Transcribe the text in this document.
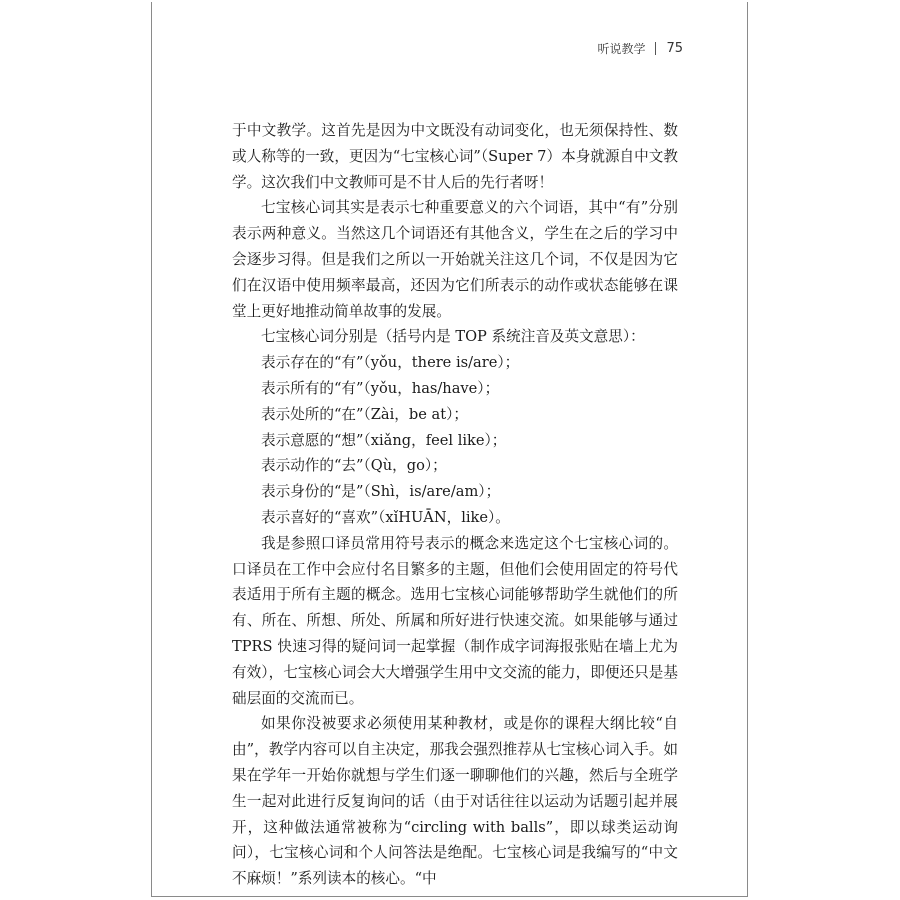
听说教学 75

于中文教学。这首先是因为中文既没有动词变化，也无须保持性、数或人称等的一致，更因为“七宝核心词”（Super 7）本身就源自中文教学。这次我们中文教师可是不甘人后的先行者呀！

七宝核心词其实是表示七种重要意义的六个词语，其中“有”分别表示两种意义。当然这几个词语还有其他含义，学生在之后的学习中会逐步习得。但是我们之所以一开始就关注这几个词，不仅是因为它们在汉语中使用频率最高，还因为它们所表示的动作或状态能够在课堂上更好地推动简单故事的发展。

七宝核心词分别是（括号内是 TOP 系统注音及英文意思）：

表示存在的“有”（yǒu，there is/are）；

表示所有的“有”（yǒu，has/have）；

表示处所的“在”（Zài，be at）；

表示意愿的“想”（xiǎng，feel like）；

表示动作的“去”（Qù，go）；

表示身份的“是”（Shì，is/are/am）；

表示喜好的“喜欢”（xǐHUĀN，like）。

我是参照口译员常用符号表示的概念来选定这个七宝核心词的。口译员在工作中会应付名目繁多的主题，但他们会使用固定的符号代表适用于所有主题的概念。选用七宝核心词能够帮助学生就他们的所有、所在、所想、所处、所属和所好进行快速交流。如果能够与通过 TPRS 快速习得的疑问词一起掌握（制作成字词海报张贴在墙上尤为有效），七宝核心词会大大增强学生用中文交流的能力，即便还只是基础层面的交流而已。

如果你没被要求必须使用某种教材，或是你的课程大纲比较“自由”，教学内容可以自主决定，那我会强烈推荐从七宝核心词入手。如果在学年一开始你就想与学生们逐一聊聊他们的兴趣，然后与全班学生一起对此进行反复询问的话（由于对话往往以运动为话题引起并展开，这种做法通常被称为“circling with balls”，即以球类运动询问），七宝核心词和个人问答法是绝配。七宝核心词是我编写的“中文不麻烦！”系列读本的核心。“中
